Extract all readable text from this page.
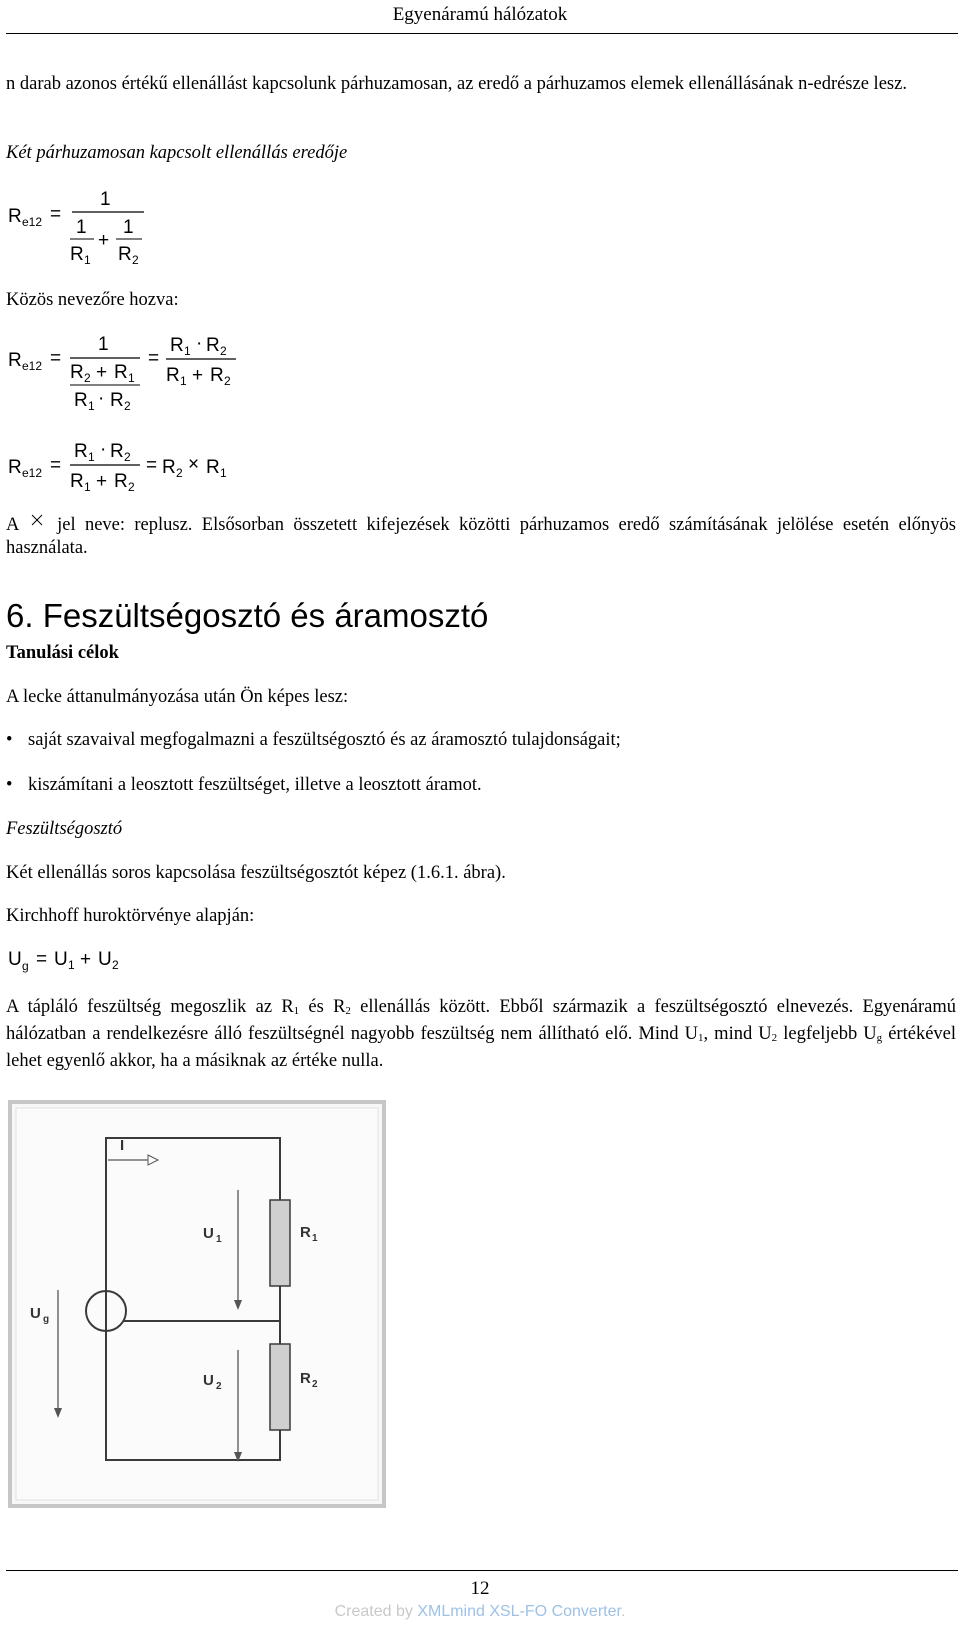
Egyenáramú hálózatok
n darab azonos értékű ellenállást kapcsolunk párhuzamosan, az eredő a párhuzamos elemek ellenállásának n-edrésze lesz.
Két párhuzamosan kapcsolt ellenállás eredője
R e12 =
1
1
R 1
+
1
R 2
Közös nevezőre hozva:
R e12 =
1
R 2 + R 1
R 1 · R 2
=
R 1 · R 2
R 1 + R 2
R e12 =
R 1 · R 2
R 1 + R 2
= R 2 × R 1
A jel neve: replusz. Elsősorban összetett kifejezések közötti párhuzamos eredő számításának jelölése esetén előnyös használata.
6. Feszültségosztó és áramosztó
Tanulási célok
A lecke áttanulmányozása után Ön képes lesz:
• saját szavaival megfogalmazni a feszültségosztó és az áramosztó tulajdonságait;
• kiszámítani a leosztott feszültséget, illetve a leosztott áramot.
Feszültségosztó
Két ellenállás soros kapcsolása feszültségosztót képez (1.6.1. ábra).
Kirchhoff huroktörvénye alapján:
U g = U 1 + U 2
A tápláló feszültség megoszlik az R1 és R2 ellenállás között. Ebből származik a feszültségosztó elnevezés. Egyenáramú hálózatban a rendelkezésre álló feszültségnél nagyobb feszültség nem állítható elő. Mind U1, mind U2 legfeljebb Ug értékével lehet egyenlő akkor, ha a másiknak az értéke nulla.
I
U g
U 1
U 2
R 1
R 2
12
Created by XMLmind XSL-FO Converter.
